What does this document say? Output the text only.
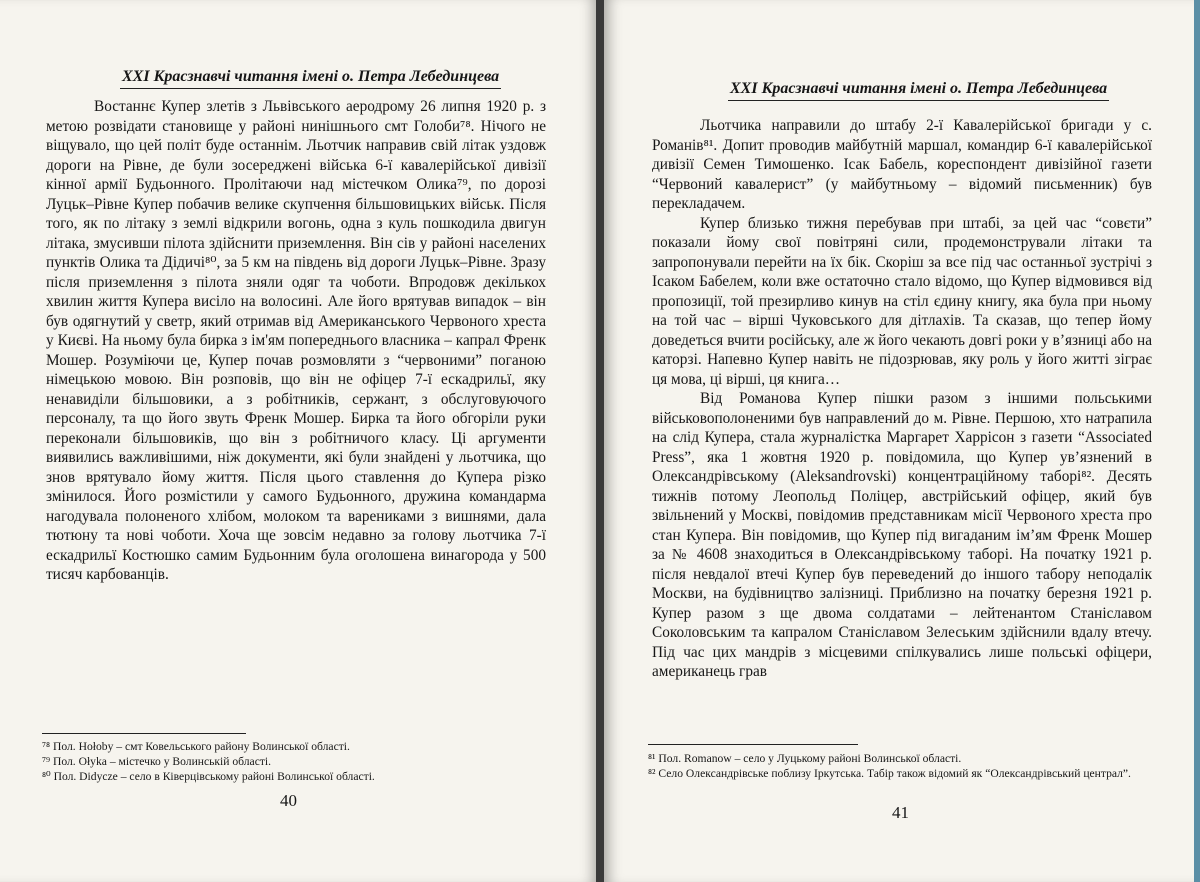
XXI Красзнавчі читання імені о. Петра Лебединцева

Востаннє Купер злетів з Львівського аеродрому 26 липня 1920 р. з метою розвідати становище у районі нинішнього смт Голоби⁷⁸. Нічого не віщувало, що цей політ буде останнім. Льотчик направив свій літак уздовж дороги на Рівне, де були зосереджені війська 6-ї кавалерійської дивізії кінної армії Будьонного. Пролітаючи над містечком Олика⁷⁹, по дорозі Луцьк–Рівне Купер побачив велике скупчення більшовицьких військ. Після того, як по літаку з землі відкрили вогонь, одна з куль пошкодила двигун літака, змусивши пілота здійснити приземлення. Він сів у районі населених пунктів Олика та Дідичі⁸⁰, за 5 км на південь від дороги Луцьк–Рівне. Зразу після приземлення з пілота зняли одяг та чоботи. Впродовж декількох хвилин життя Купера висіло на волосині. Але його врятував випадок – він був одягнутий у светр, який отримав від Американського Червоного хреста у Києві. На ньому була бирка з ім'ям попереднього власника – капрал Френк Мошер. Розуміючи це, Купер почав розмовляти з “червоними” поганою німецькою мовою. Він розповів, що він не офіцер 7-ї ескадрильї, яку ненавиділи більшовики, а з робітників, сержант, з обслуговуючого персоналу, та що його звуть Френк Мошер. Бирка та його обгоріли руки переконали більшовиків, що він з робітничого класу. Ці аргументи виявились важливішими, ніж документи, які були знайдені у льотчика, що знов врятувало йому життя. Після цього ставлення до Купера різко змінилося. Його розмістили у самого Будьонного, дружина командарма нагодувала полоненого хлібом, молоком та варениками з вишнями, дала тютюну та нові чоботи. Хоча ще зовсім недавно за голову льотчика 7-ї ескадрильї Костюшко самим Будьонним була оголошена винагорода у 500 тисяч карбованців.

⁷⁸ Пол. Hołoby – смт Ковельського району Волинської області.

⁷⁹ Пол. Ołyka – містечко у Волинській області.

⁸⁰ Пол. Didycze – село в Ківерцівському районі Волинської області.

40
XXI Красзнавчі читання імені о. Петра Лебединцева

Льотчика направили до штабу 2-ї Кавалерійської бригади у с. Романів⁸¹. Допит проводив майбутній маршал, командир 6-ї кавалерійської дивізії Семен Тимошенко. Ісак Бабель, кореспондент дивізійної газети “Червоний кавалерист” (у майбутньому – відомий письменник) був перекладачем.

Купер близько тижня перебував при штабі, за цей час “совєти” показали йому свої повітряні сили, продемонстрували літаки та запропонували перейти на їх бік. Скоріш за все під час останньої зустрічі з Ісаком Бабелем, коли вже остаточно стало відомо, що Купер відмовився від пропозиції, той презирливо кинув на стіл єдину книгу, яка була при ньому на той час – вірші Чуковського для дітлахів. Та сказав, що тепер йому доведеться вчити російську, але ж його чекають довгі роки у в’язниці або на каторзі. Напевно Купер навіть не підозрював, яку роль у його житті зіграє ця мова, ці вірші, ця книга…

Від Романова Купер пішки разом з іншими польськими військовополоненими був направлений до м. Рівне. Першою, хто натрапила на слід Купера, стала журналістка Маргарет Харрісон з газети “Associated Press”, яка 1 жовтня 1920 р. повідомила, що Купер ув’язнений в Олександрівському (Aleksandrovski) концентраційному таборі⁸². Десять тижнів потому Леопольд Поліцер, австрійський офіцер, який був звільнений у Москві, повідомив представникам місії Червоного хреста про стан Купера. Він повідомив, що Купер під вигаданим ім’ям Френк Мошер за № 4608 знаходиться в Олександрівському таборі. На початку 1921 р. після невдалої втечі Купер був переведений до іншого табору неподалік Москви, на будівництво залізниці. Приблизно на початку березня 1921 р. Купер разом з ще двома солдатами – лейтенантом Станіславом Соколовським та капралом Станіславом Зелеським здійснили вдалу втечу. Під час цих мандрів з місцевими спілкувались лише польські офіцери, американець грав

⁸¹ Пол. Romanow – село у Луцькому районі Волинської області.

⁸² Село Олександрівське поблизу Іркутська. Табір також відомий як “Олександрівський централ”.

41
